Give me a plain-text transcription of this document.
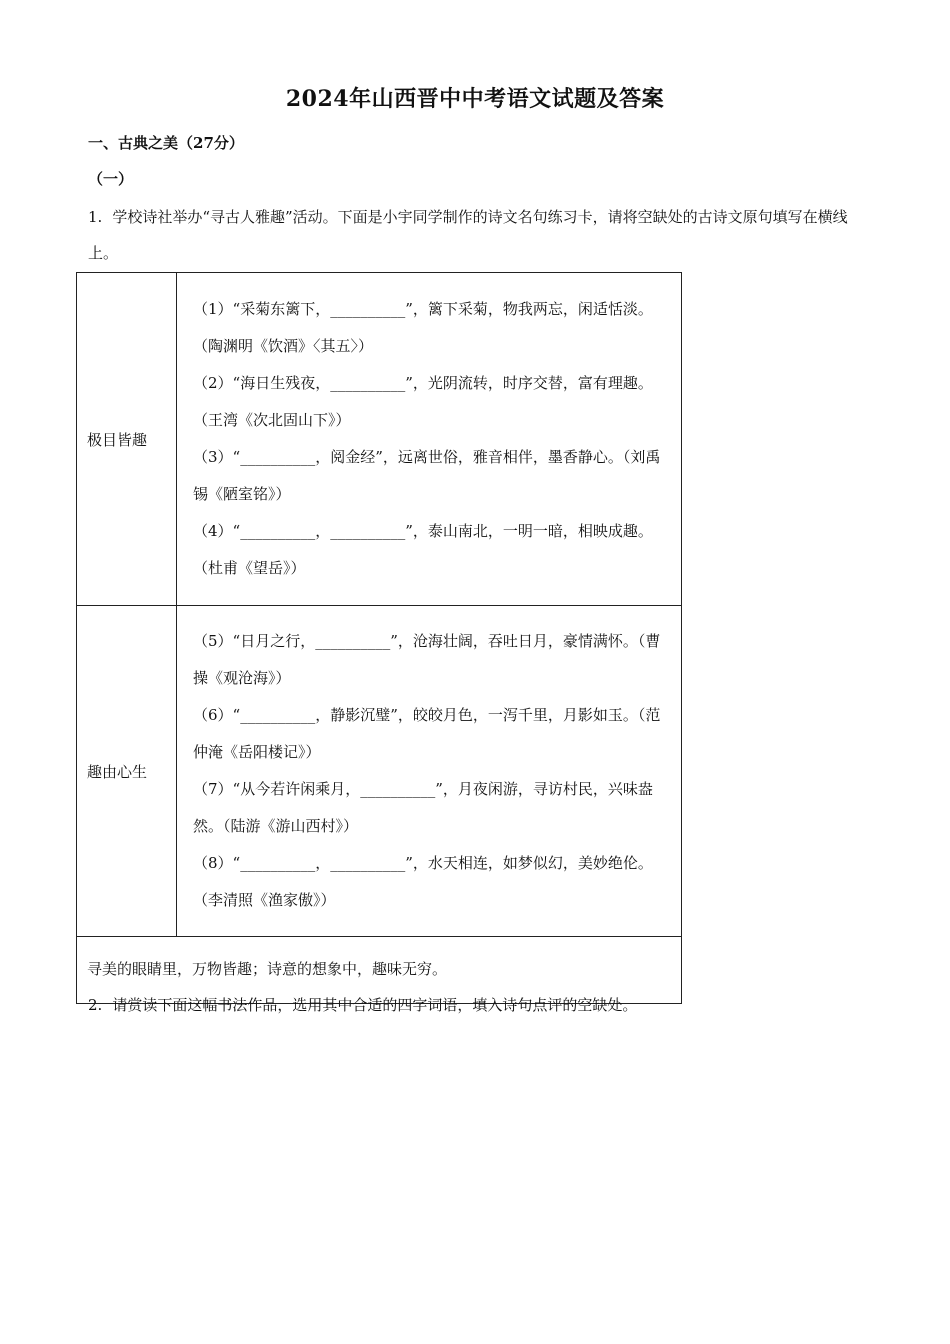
2024年山西晋中中考语文试题及答案
一、古典之美（27分）
（一）
1. 学校诗社举办“寻古人雅趣”活动。下面是小宇同学制作的诗文名句练习卡，请将空缺处的古诗文原句填写在横线上。
极目皆趣	（1）“采菊东篱下，__________”，篱下采菊，物我两忘，闲适恬淡。（陶渊明《饮酒》〈其五〉）
（2）“海日生残夜，__________”，光阴流转，时序交替，富有理趣。（王湾《次北固山下》）
（3）“__________，阅金经”，远离世俗，雅音相伴，墨香静心。（刘禹锡《陋室铭》）
（4）“__________，__________”，泰山南北，一明一暗，相映成趣。（杜甫《望岳》）

趣由心生	（5）“日月之行，__________”，沧海壮阔，吞吐日月，豪情满怀。（曹操《观沧海》）
（6）“__________，静影沉璧”，皎皎月色，一泻千里，月影如玉。（范仲淹《岳阳楼记》）
（7）“从今若许闲乘月，__________”，月夜闲游，寻访村民，兴味盎然。（陆游《游山西村》）
（8）“__________，__________”，水天相连，如梦似幻，美妙绝伦。（李清照《渔家傲》）

寻美的眼睛里，万物皆趣；诗意的想象中，趣味无穷。	
2. 请赏读下面这幅书法作品，选用其中合适的四字词语，填入诗句点评的空缺处。
